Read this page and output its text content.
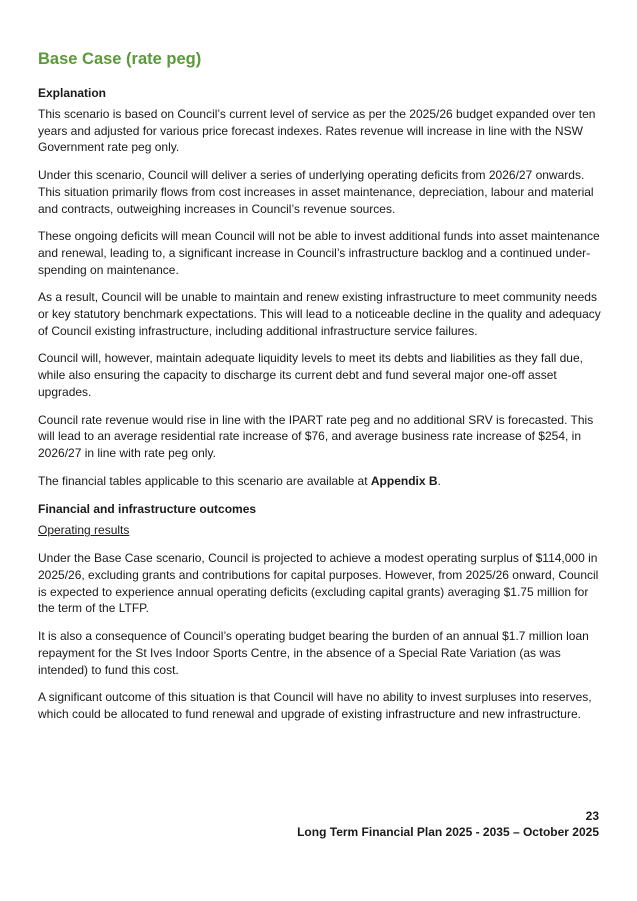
Base Case (rate peg)
Explanation

This scenario is based on Council’s current level of service as per the 2025/26 budget expanded over ten years and adjusted for various price forecast indexes. Rates revenue will increase in line with the NSW Government rate peg only.

Under this scenario, Council will deliver a series of underlying operating deficits from 2026/27 onwards. This situation primarily flows from cost increases in asset maintenance, depreciation, labour and material and contracts, outweighing increases in Council’s revenue sources.

These ongoing deficits will mean Council will not be able to invest additional funds into asset maintenance and renewal, leading to, a significant increase in Council’s infrastructure backlog and a continued under-spending on maintenance.

As a result, Council will be unable to maintain and renew existing infrastructure to meet community needs or key statutory benchmark expectations. This will lead to a noticeable decline in the quality and adequacy of Council existing infrastructure, including additional infrastructure service failures.

Council will, however, maintain adequate liquidity levels to meet its debts and liabilities as they fall due, while also ensuring the capacity to discharge its current debt and fund several major one-off asset upgrades.

Council rate revenue would rise in line with the IPART rate peg and no additional SRV is forecasted. This will lead to an average residential rate increase of $76, and average business rate increase of $254, in 2026/27 in line with rate peg only.

The financial tables applicable to this scenario are available at Appendix B.

Financial and infrastructure outcomes
Operating results

Under the Base Case scenario, Council is projected to achieve a modest operating surplus of $114,000 in 2025/26, excluding grants and contributions for capital purposes. However, from 2025/26 onward, Council is expected to experience annual operating deficits (excluding capital grants) averaging $1.75 million for the term of the LTFP.

It is also a consequence of Council’s operating budget bearing the burden of an annual $1.7 million loan repayment for the St Ives Indoor Sports Centre, in the absence of a Special Rate Variation (as was intended) to fund this cost.

A significant outcome of this situation is that Council will have no ability to invest surpluses into reserves, which could be allocated to fund renewal and upgrade of existing infrastructure and new infrastructure.

23
Long Term Financial Plan 2025 - 2035 – October 2025
